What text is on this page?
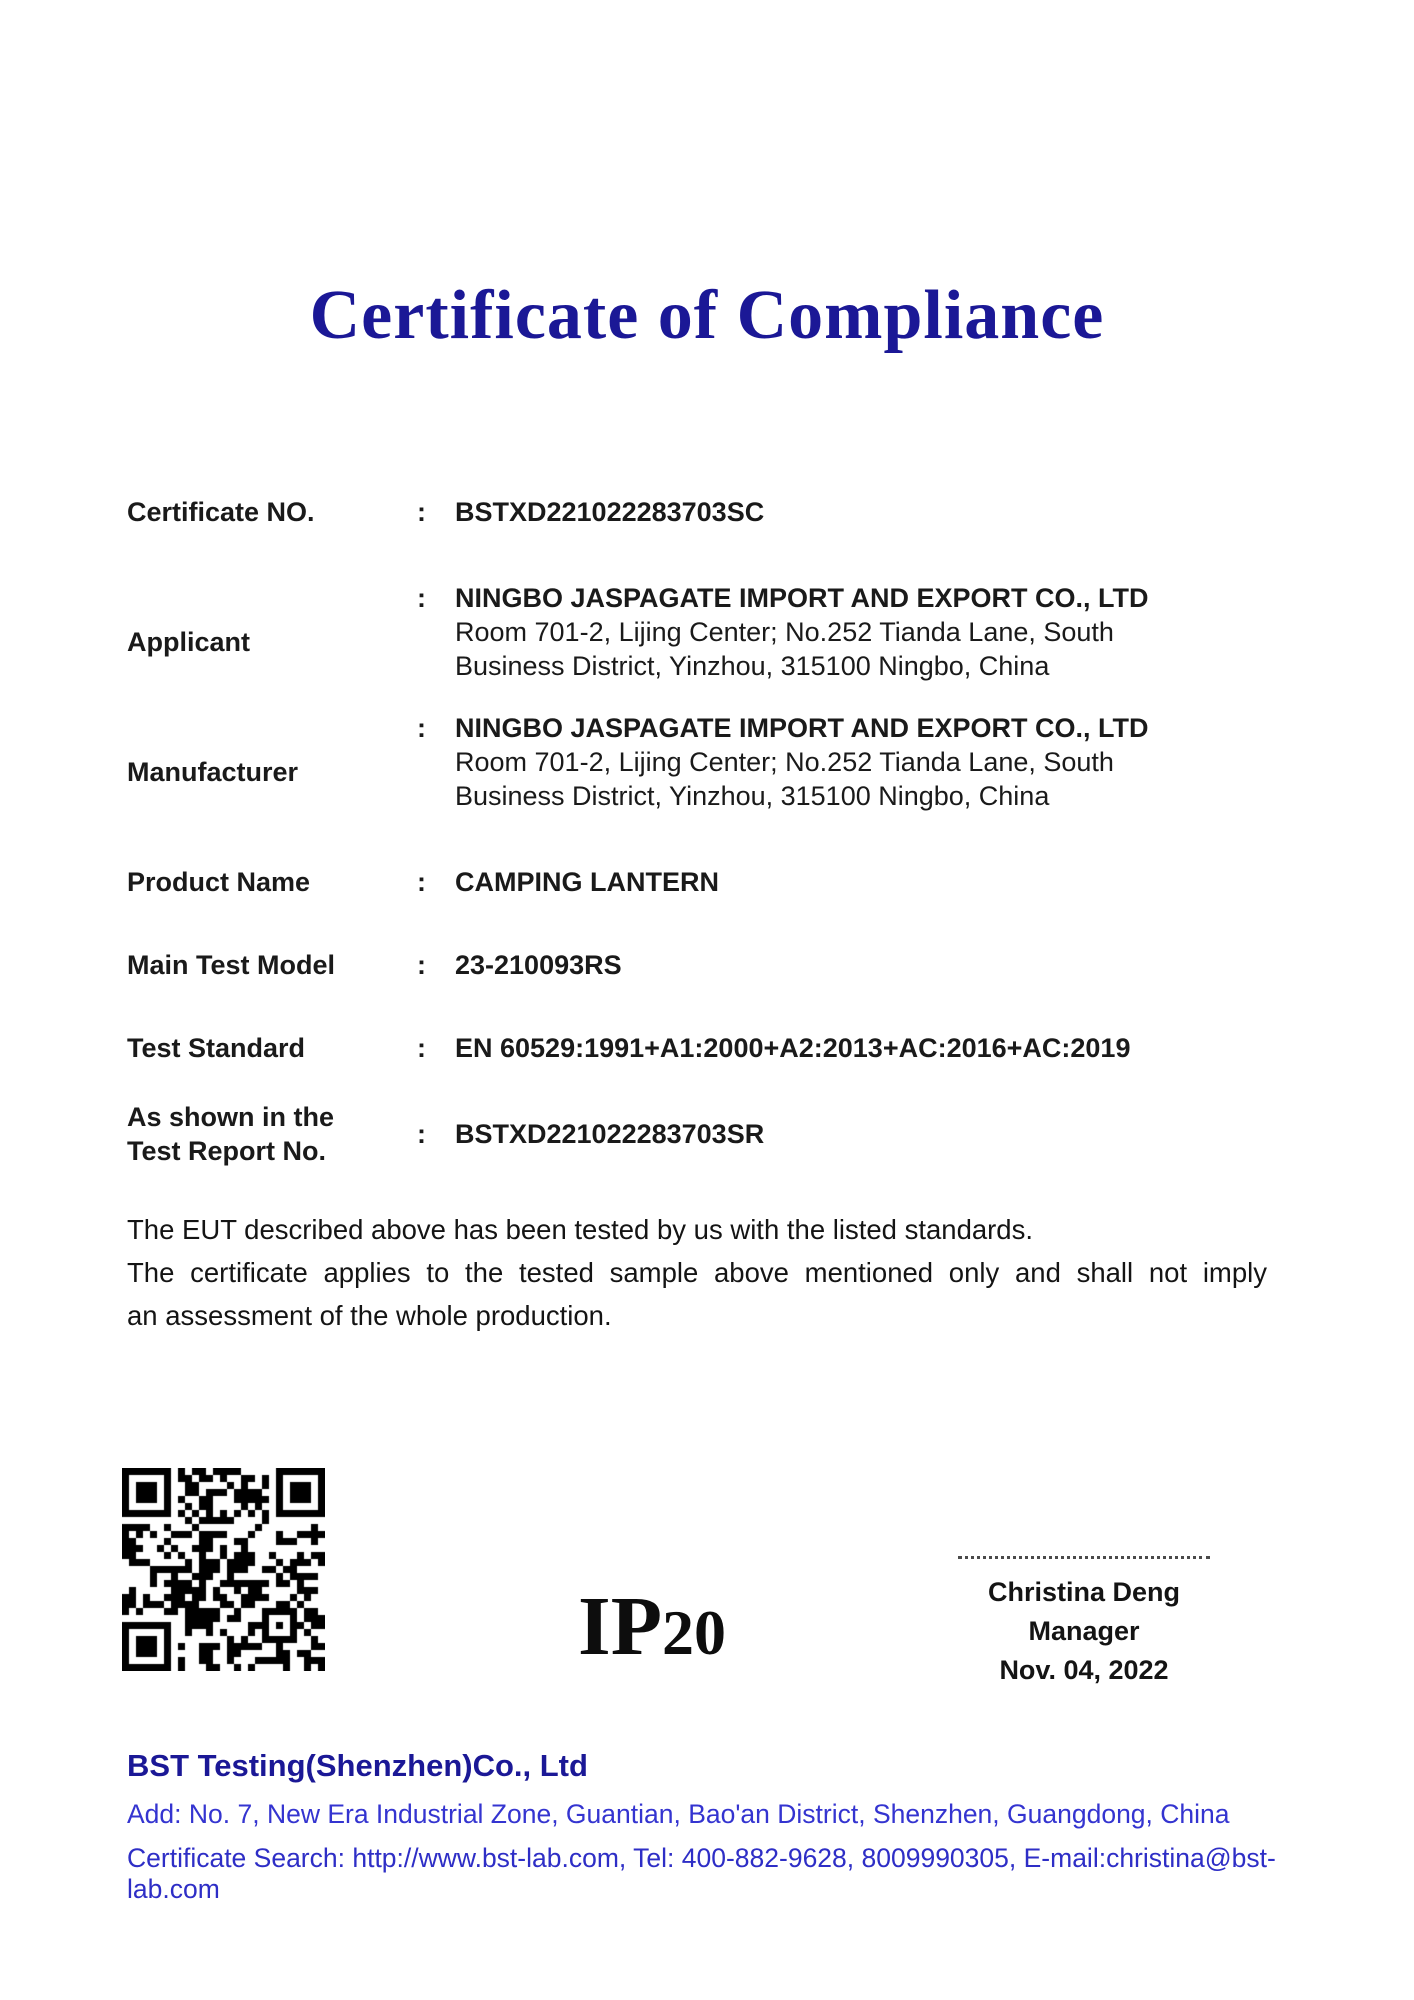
Certificate of Compliance
Certificate NO.	:	BSTXD221022283703SC
Applicant
:	NINGBO JASPAGATE IMPORT AND EXPORT CO., LTD
Room 701-2, Lijing Center; No.252 Tianda Lane, South
Business District, Yinzhou, 315100 Ningbo, China
Manufacturer
:	NINGBO JASPAGATE IMPORT AND EXPORT CO., LTD
Room 701-2, Lijing Center; No.252 Tianda Lane, South
Business District, Yinzhou, 315100 Ningbo, China
Product Name	:	CAMPING LANTERN
Main Test Model	:	23-210093RS
Test Standard	:	EN 60529:1991+A1:2000+A2:2013+AC:2016+AC:2019
As shown in the
Test Report No.
:	BSTXD221022283703SR
The EUT described above has been tested by us with the listed standards.
The certificate applies to the tested sample above mentioned only and shall not imply
an assessment of the whole production.
IP20
Christina Deng
Manager
Nov. 04, 2022
BST Testing(Shenzhen)Co., Ltd
Add: No. 7, New Era Industrial Zone, Guantian, Bao'an District, Shenzhen, Guangdong, China
Certificate Search: http://www.bst-lab.com, Tel: 400-882-9628, 8009990305, E-mail:christina@bst-lab.com
